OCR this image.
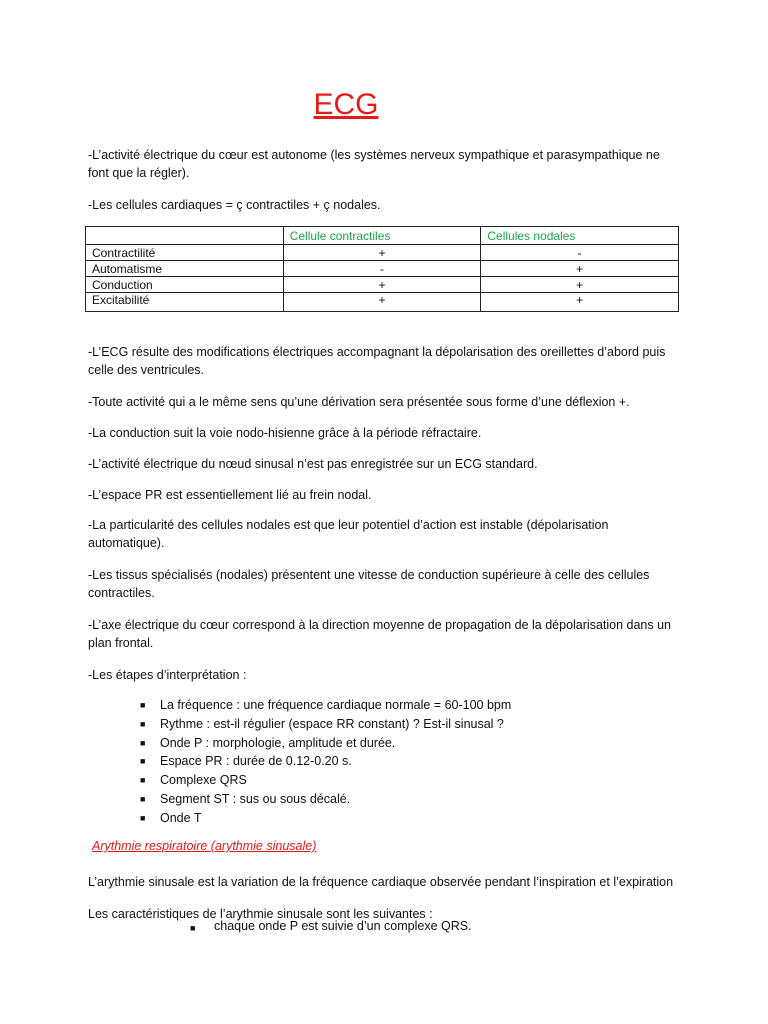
ECG

-L’activité électrique du cœur est autonome (les systèmes nerveux sympathique et parasympathique ne font que la régler).

-Les cellules cardiaques = ç contractiles + ç nodales.

	Cellule contractiles	Cellules nodales
Contractilité	+	-
Automatisme	-	+
Conduction	+	+
Excitabilité	+	+

-L’ECG résulte des modifications électriques accompagnant la dépolarisation des oreillettes d’abord puis celle des ventricules.

-Toute activité qui a le même sens qu’une dérivation sera présentée sous forme d’une déflexion +.

-La conduction suit la voie nodo-hisienne grâce à la période réfractaire.

-L’activité électrique du nœud sinusal n’est pas enregistrée sur un ECG standard.

-L’espace PR est essentiellement lié au frein nodal.

-La particularité des cellules nodales est que leur potentiel d’action est instable (dépolarisation automatique).

-Les tissus spécialisés (nodales) présentent une vitesse de conduction supérieure à celle des cellules contractiles.

-L’axe électrique du cœur correspond à la direction moyenne de propagation de la dépolarisation dans un plan frontal.

-Les étapes d’interprétation :

■	La fréquence : une fréquence cardiaque normale = 60-100 bpm
■	Rythme : est-il régulier (espace RR constant) ? Est-il sinusal ?
■	Onde P : morphologie, amplitude et durée.
■	Espace PR : durée de 0.12-0.20 s.
■	Complexe QRS
■	Segment ST : sus ou sous décalé.
■	Onde T
Arythmie respiratoire (arythmie sinusale)

L’arythmie sinusale est la variation de la fréquence cardiaque observée pendant l’inspiration et l’expiration

Les caractéristiques de l’arythmie sinusale sont les suivantes :

■	chaque onde P est suivie d’un complexe QRS.
